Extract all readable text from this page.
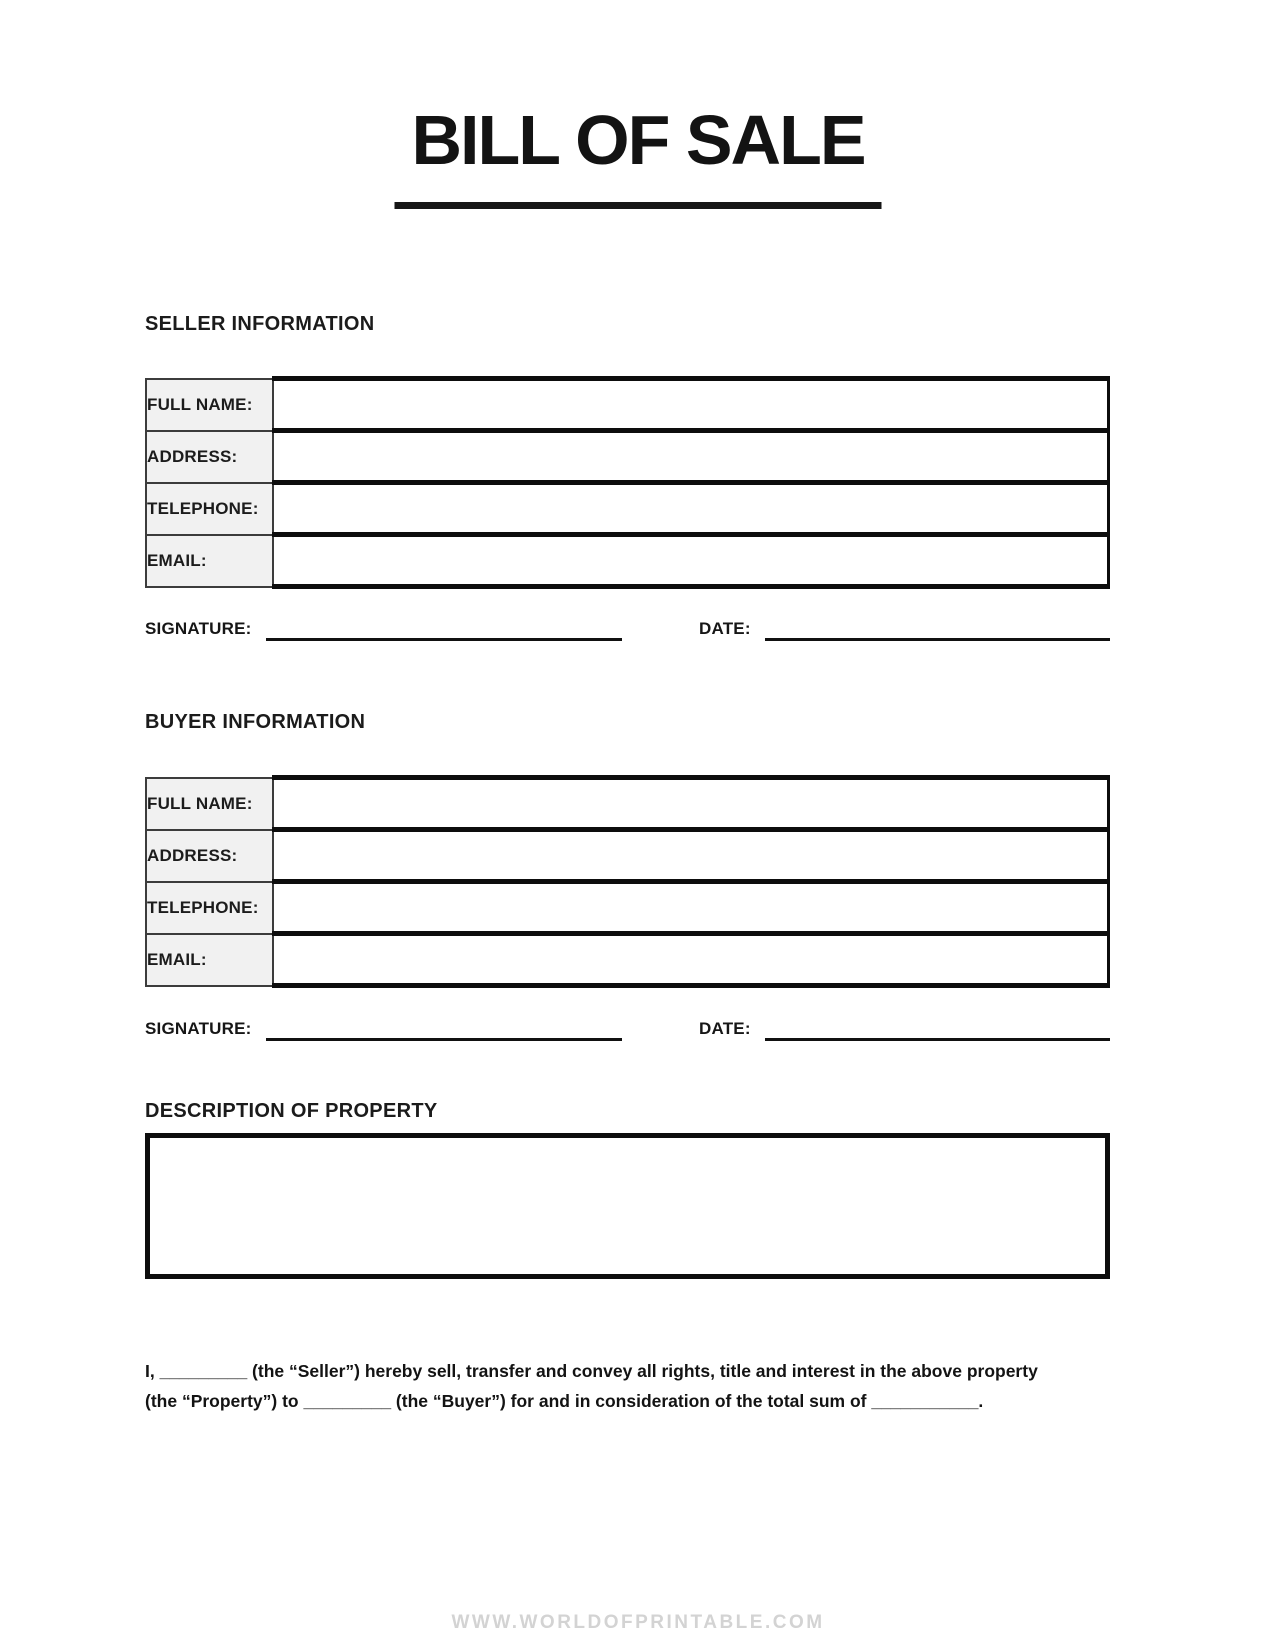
BILL OF SALE
SELLER INFORMATION
FULL NAME:	
ADDRESS:	
TELEPHONE:	
EMAIL:	
SIGNATURE:	DATE:
BUYER INFORMATION
FULL NAME:	
ADDRESS:	
TELEPHONE:	
EMAIL:	
SIGNATURE:	DATE:
DESCRIPTION OF PROPERTY
I, _________ (the “Seller”) hereby sell, transfer and convey all rights, title and interest in the above property
(the “Property”) to _________ (the “Buyer”) for and in consideration of the total sum of ___________.
WWW.WORLDOFPRINTABLE.COM
